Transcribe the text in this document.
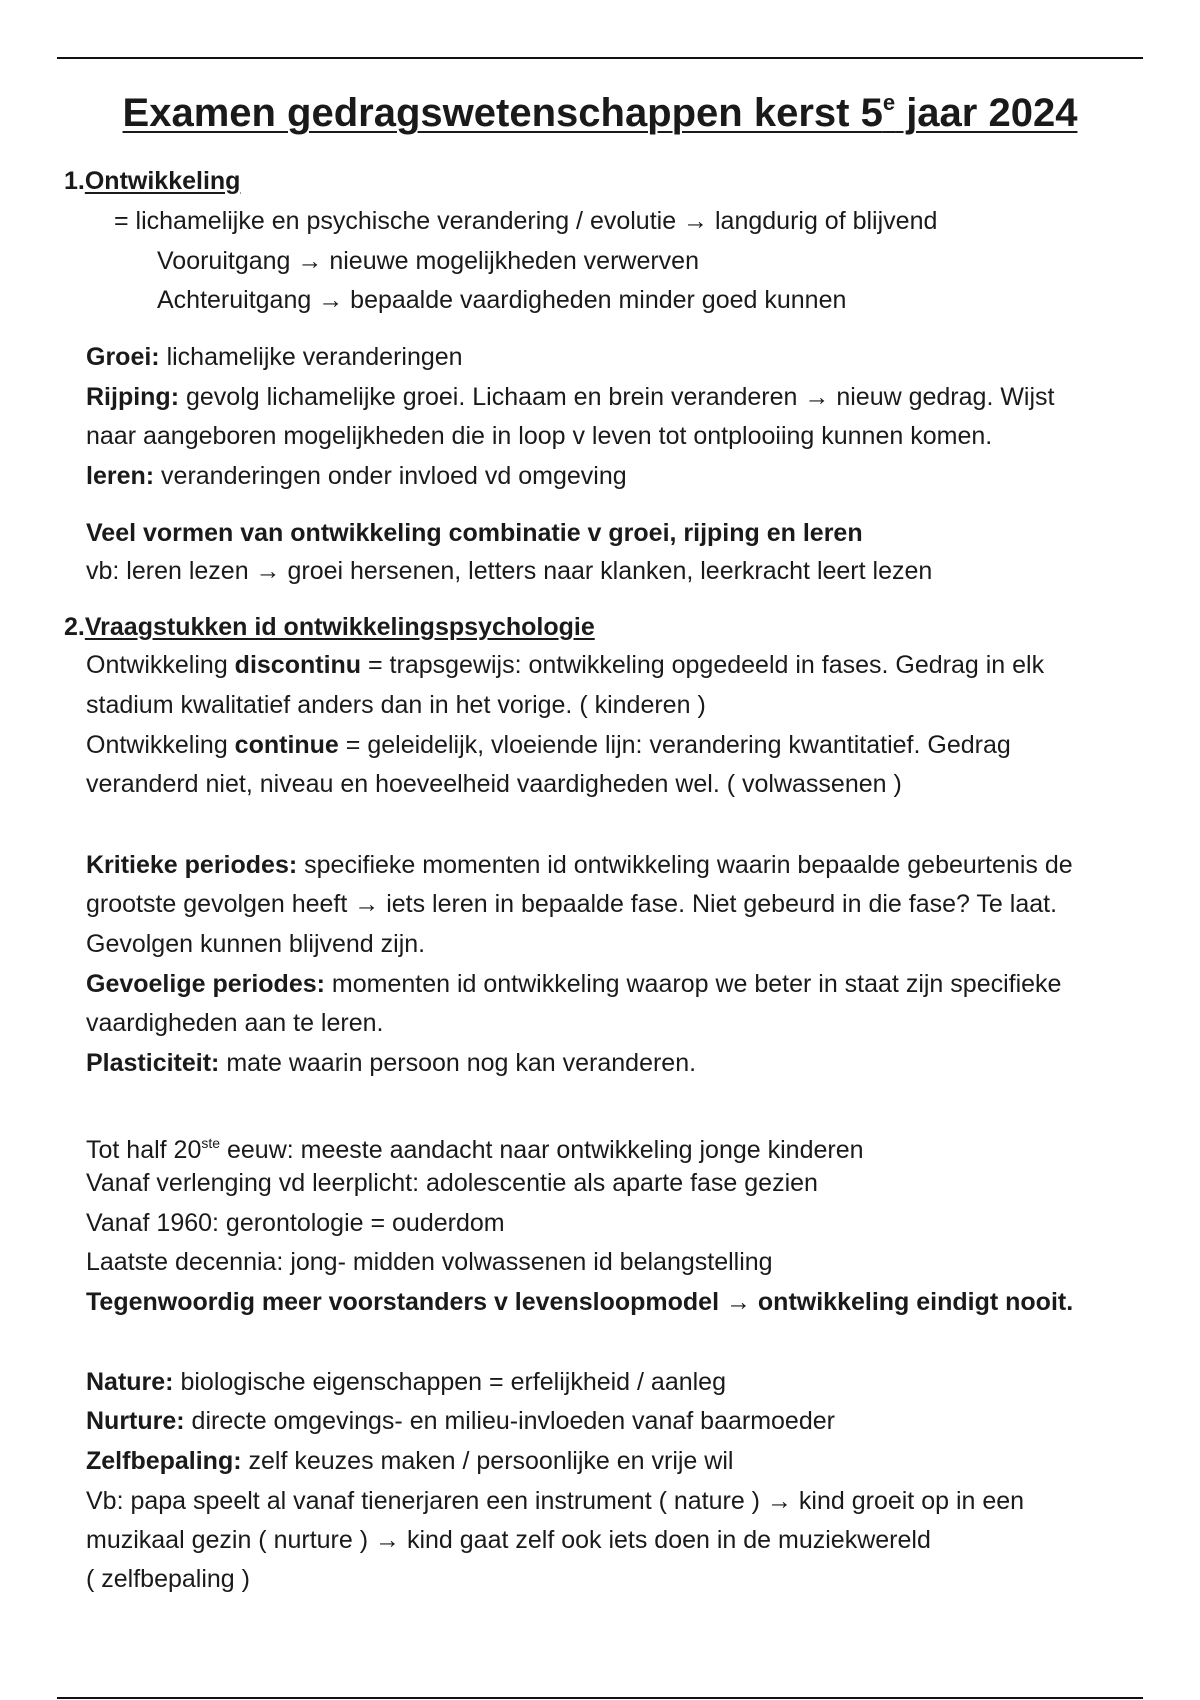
Examen gedragswetenschappen kerst 5e jaar 2024
1.Ontwikkeling
= lichamelijke en psychische verandering / evolutie → langdurig of blijvend
Vooruitgang → nieuwe mogelijkheden verwerven
Achteruitgang → bepaalde vaardigheden minder goed kunnen
Groei: lichamelijke veranderingen
Rijping: gevolg lichamelijke groei. Lichaam en brein veranderen → nieuw gedrag. Wijst
naar aangeboren mogelijkheden die in loop v leven tot ontplooiing kunnen komen.
leren: veranderingen onder invloed vd omgeving
Veel vormen van ontwikkeling combinatie v groei, rijping en leren
vb: leren lezen → groei hersenen, letters naar klanken, leerkracht leert lezen
2.Vraagstukken id ontwikkelingspsychologie
Ontwikkeling discontinu = trapsgewijs: ontwikkeling opgedeeld in fases. Gedrag in elk
stadium kwalitatief anders dan in het vorige. ( kinderen )
Ontwikkeling continue = geleidelijk, vloeiende lijn: verandering kwantitatief. Gedrag
veranderd niet, niveau en hoeveelheid vaardigheden wel. ( volwassenen )
Kritieke periodes: specifieke momenten id ontwikkeling waarin bepaalde gebeurtenis de
grootste gevolgen heeft → iets leren in bepaalde fase. Niet gebeurd in die fase? Te laat.
Gevolgen kunnen blijvend zijn.
Gevoelige periodes: momenten id ontwikkeling waarop we beter in staat zijn specifieke
vaardigheden aan te leren.
Plasticiteit: mate waarin persoon nog kan veranderen.
Tot half 20ste eeuw: meeste aandacht naar ontwikkeling jonge kinderen
Vanaf verlenging vd leerplicht: adolescentie als aparte fase gezien
Vanaf 1960: gerontologie = ouderdom
Laatste decennia: jong- midden volwassenen id belangstelling
Tegenwoordig meer voorstanders v levensloopmodel → ontwikkeling eindigt nooit.
Nature: biologische eigenschappen = erfelijkheid / aanleg
Nurture: directe omgevings- en milieu-invloeden vanaf baarmoeder
Zelfbepaling: zelf keuzes maken / persoonlijke en vrije wil
Vb: papa speelt al vanaf tienerjaren een instrument ( nature ) → kind groeit op in een
muzikaal gezin ( nurture ) → kind gaat zelf ook iets doen in de muziekwereld
( zelfbepaling )
